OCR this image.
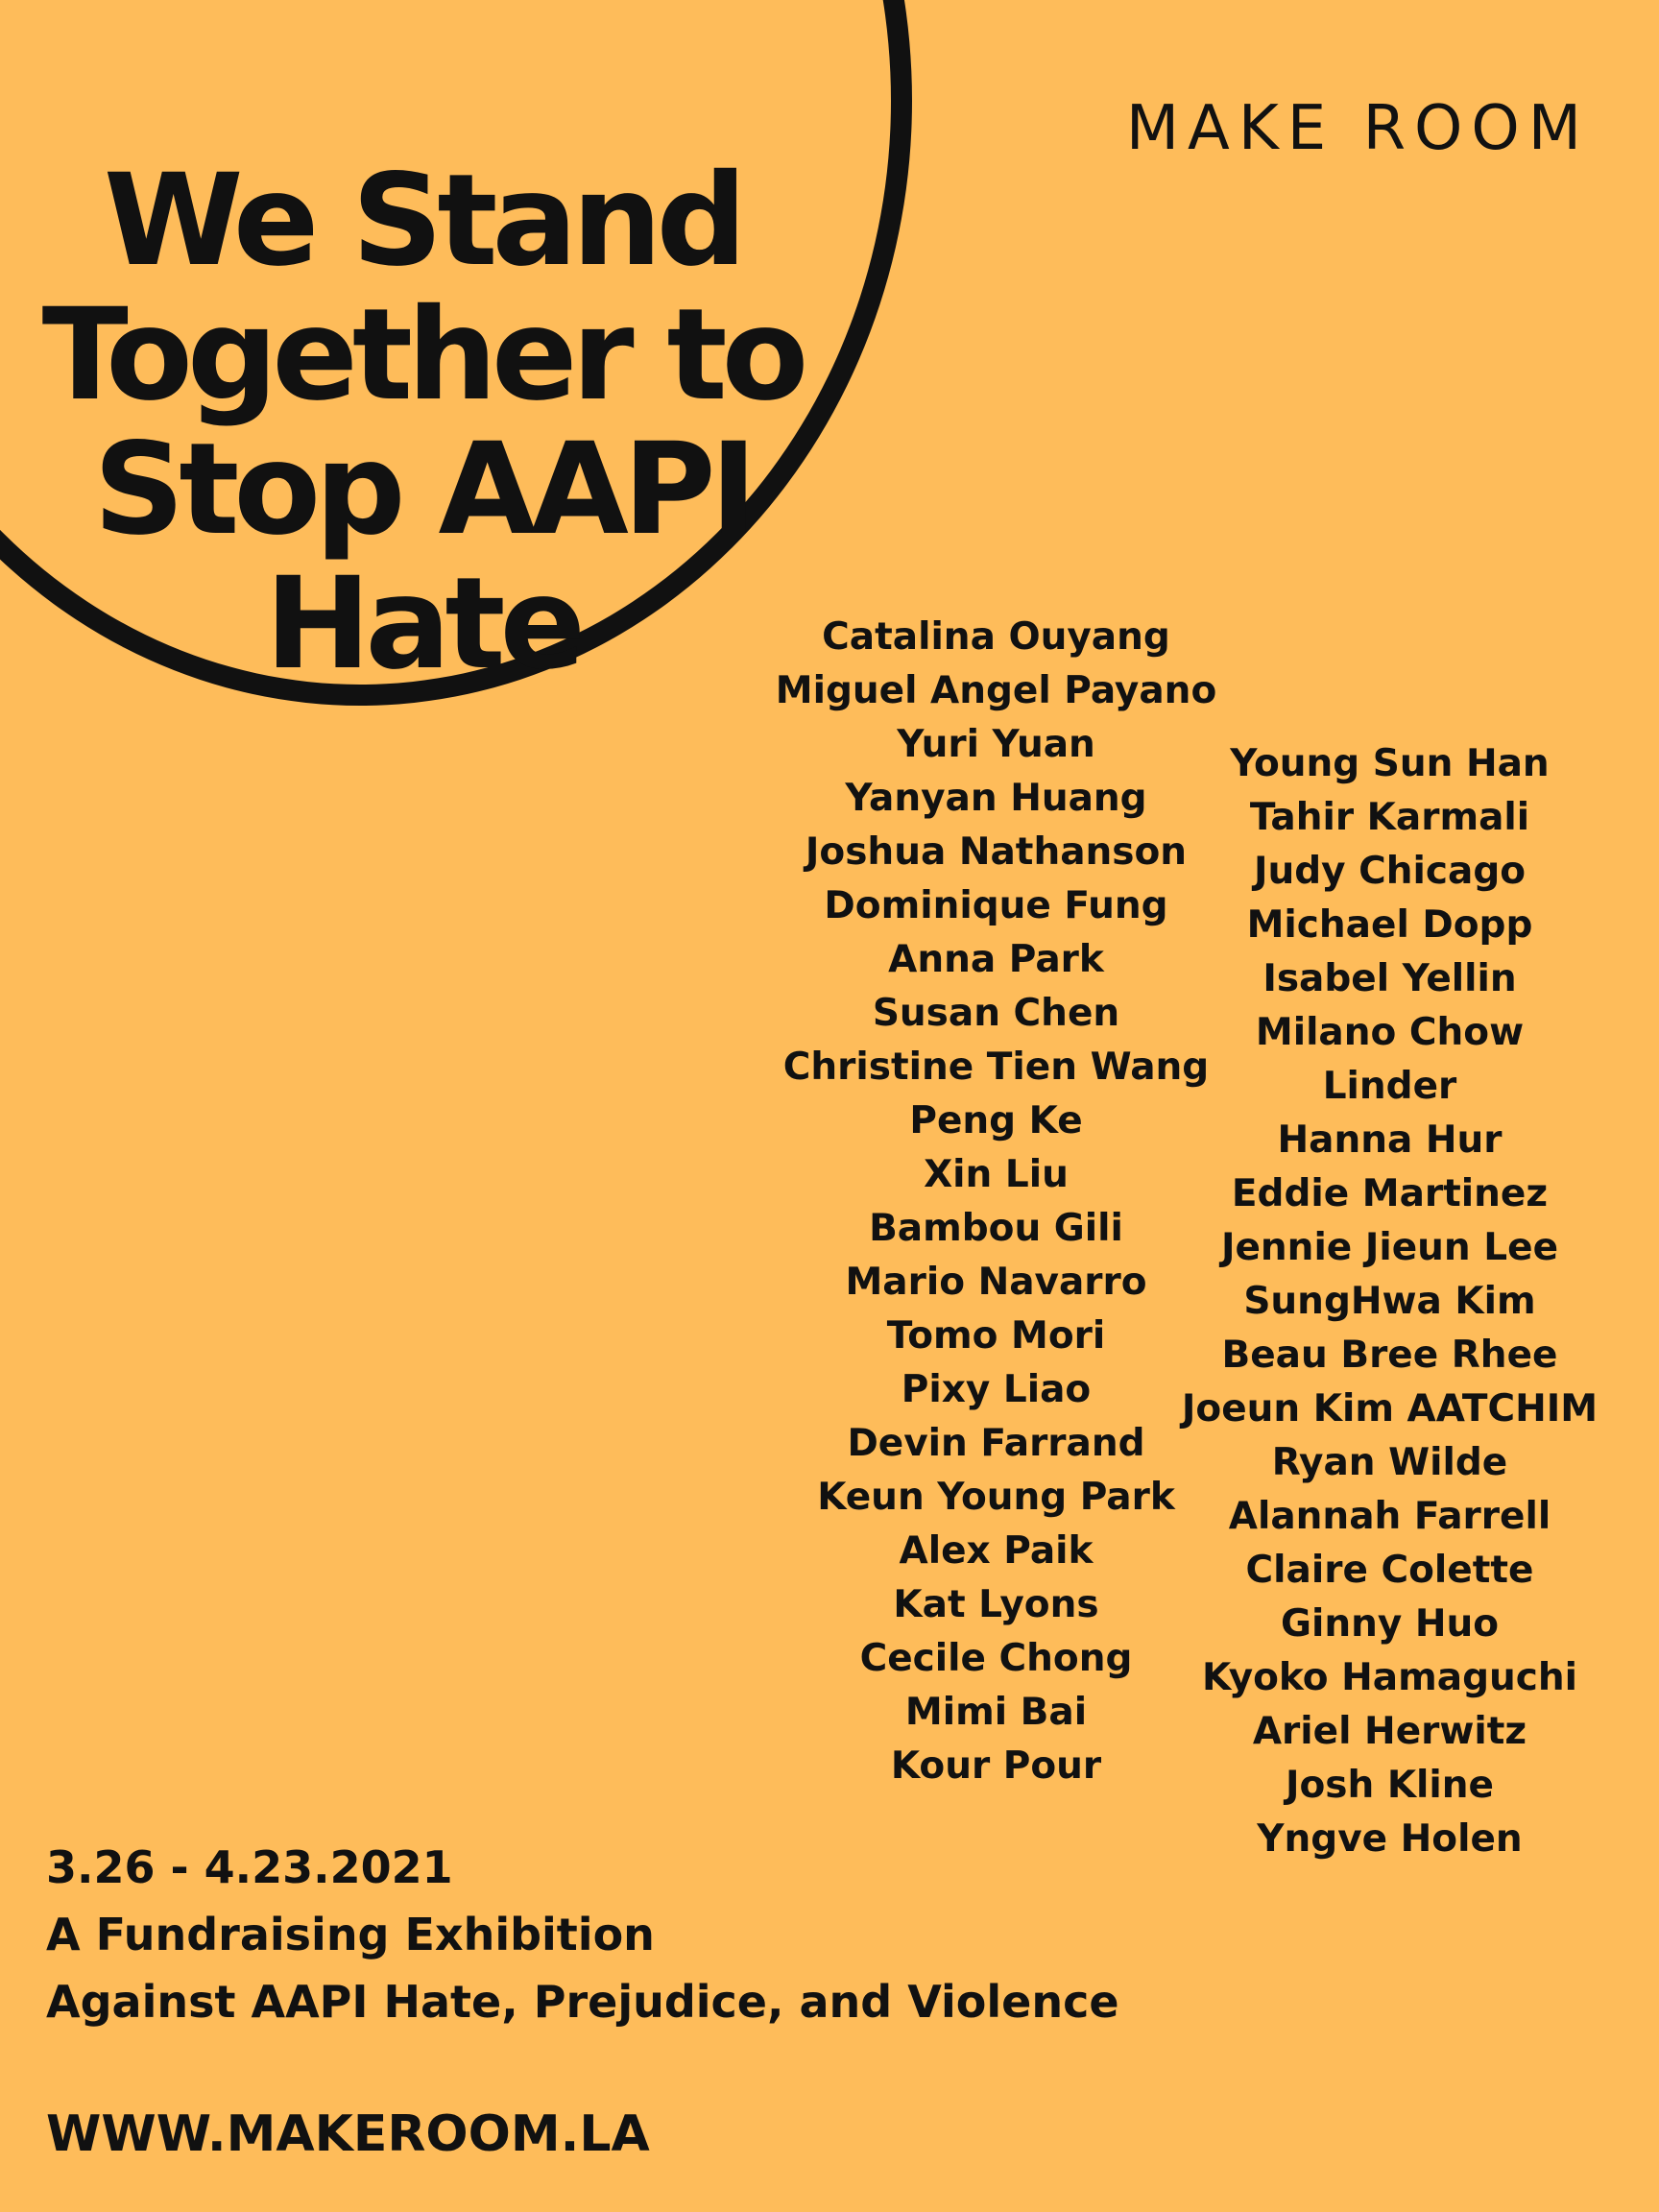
MAKE ROOM
We Stand
Together to
Stop AAPI
Hate	Catalina Ouyang
Miguel Angel Payano
Yuri Yuan
Yanyan Huang
Joshua Nathanson
Dominique Fung
Anna Park
Susan Chen
Christine Tien Wang
Peng Ke
Xin Liu
Bambou Gili
Mario Navarro
Tomo Mori
Pixy Liao
Devin Farrand
Keun Young Park
Alex Paik
Kat Lyons
Cecile Chong
Mimi Bai
Kour Pour
Young Sun Han
Tahir Karmali
Judy Chicago
Michael Dopp
Isabel Yellin
Milano Chow
Linder
Hanna Hur
Eddie Martinez
Jennie Jieun Lee
SungHwa Kim
Beau Bree Rhee
Joeun Kim AATCHIM
Ryan Wilde
Alannah Farrell
Claire Colette
Ginny Huo
Kyoko Hamaguchi
Ariel Herwitz
Josh Kline
Yngve Holen
3.26 - 4.23.2021
A Fundraising Exhibition
Against AAPI Hate, Prejudice, and Violence
WWW.MAKEROOM.LA
